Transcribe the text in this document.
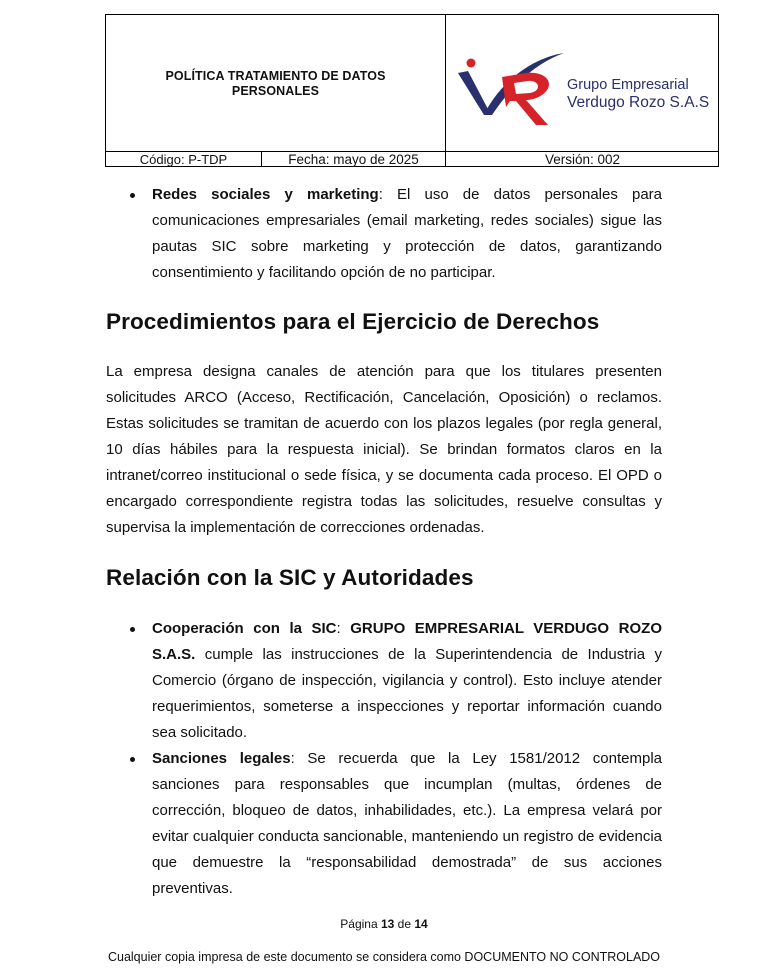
POLÍTICA TRATAMIENTO DE DATOS PERSONALES	Grupo Empresarial
Verdugo Rozo S.A.S
Código: P-TDP	Fecha: mayo de 2025	Versión: 002
Redes sociales y marketing: El uso de datos personales para comunicaciones empresariales (email marketing, redes sociales) sigue las pautas SIC sobre marketing y protección de datos, garantizando consentimiento y facilitando opción de no participar.
Procedimientos para el Ejercicio de Derechos

La empresa designa canales de atención para que los titulares presenten solicitudes ARCO (Acceso, Rectificación, Cancelación, Oposición) o reclamos. Estas solicitudes se tramitan de acuerdo con los plazos legales (por regla general, 10 días hábiles para la respuesta inicial). Se brindan formatos claros en la intranet/correo institucional o sede física, y se documenta cada proceso. El OPD o encargado correspondiente registra todas las solicitudes, resuelve consultas y supervisa la implementación de correcciones ordenadas.

Relación con la SIC y Autoridades
Cooperación con la SIC: GRUPO EMPRESARIAL VERDUGO ROZO S.A.S. cumple las instrucciones de la Superintendencia de Industria y Comercio (órgano de inspección, vigilancia y control). Esto incluye atender requerimientos, someterse a inspecciones y reportar información cuando sea solicitado.
Sanciones legales: Se recuerda que la Ley 1581/2012 contempla sanciones para responsables que incumplan (multas, órdenes de corrección, bloqueo de datos, inhabilidades, etc.). La empresa velará por evitar cualquier conducta sancionable, manteniendo un registro de evidencia que demuestre la “responsabilidad demostrada” de sus acciones preventivas.
Página 13 de 14
Cualquier copia impresa de este documento se considera como DOCUMENTO NO CONTROLADO
